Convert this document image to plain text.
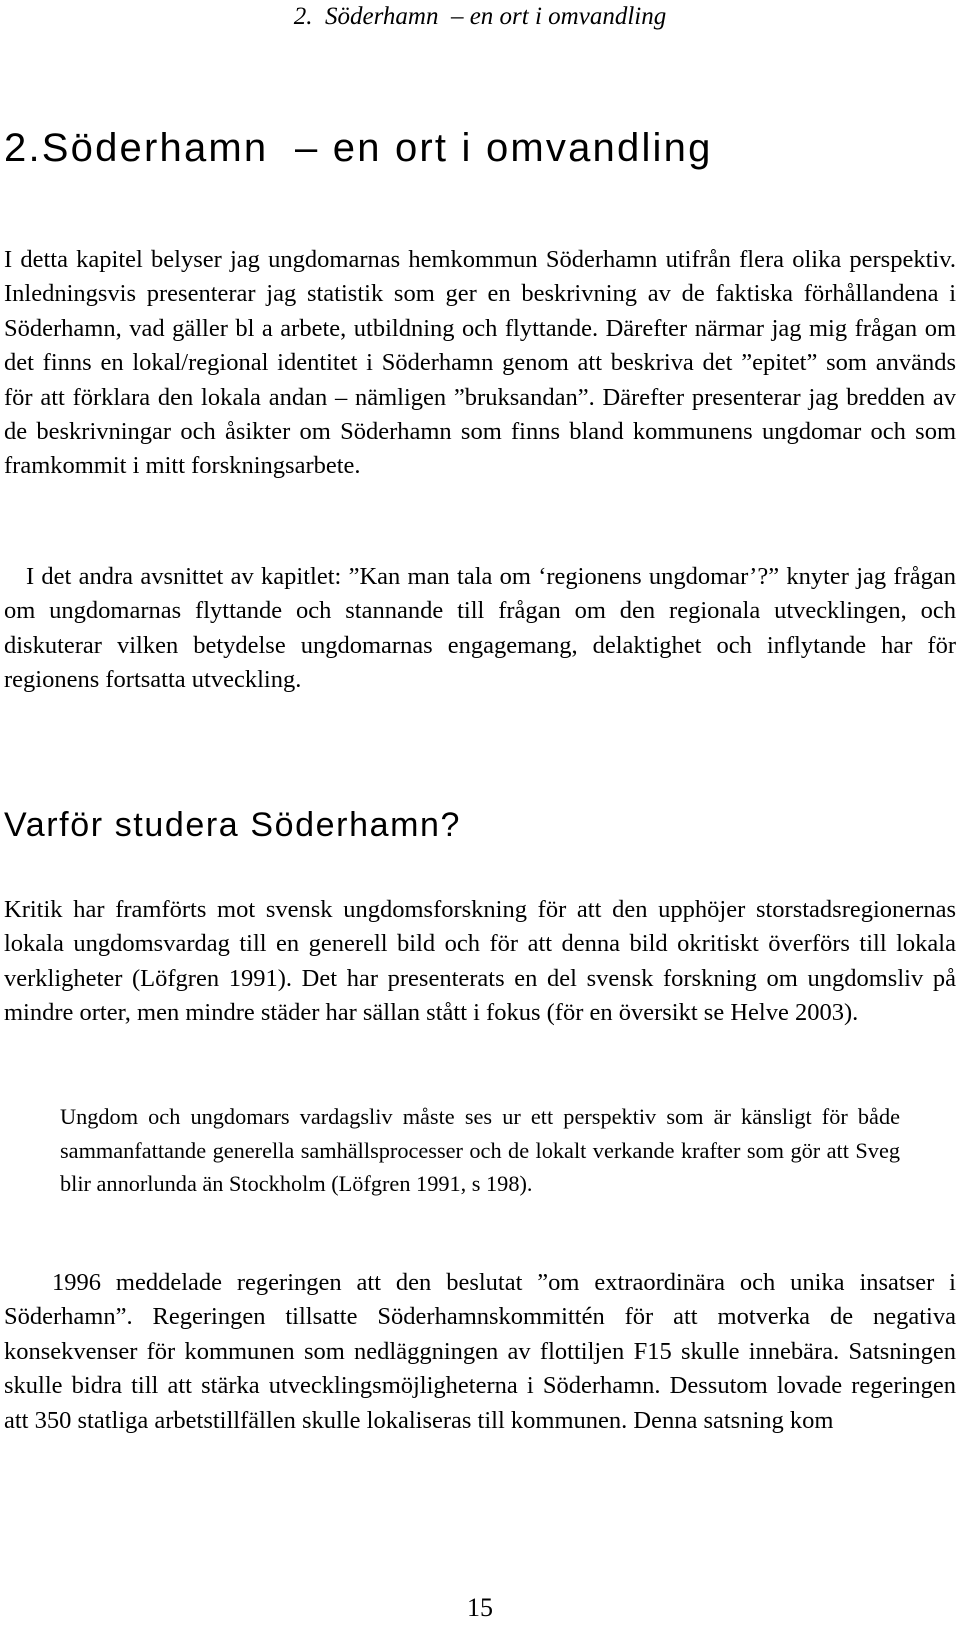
2.  Söderhamn  – en ort i omvandling
2.Söderhamn  – en ort i omvandling

I detta kapitel belyser jag ungdomarnas hemkommun Söderhamn utifrån flera olika perspektiv. Inledningsvis presenterar jag statistik som ger en beskrivning av de faktiska förhållandena i Söderhamn, vad gäller bl a arbete, utbildning och flyttande. Därefter närmar jag mig frågan om det finns en lokal/regional identitet i Söderhamn genom att beskriva det ”epitet” som används för att förklara den lokala andan – nämligen ”bruksandan”. Därefter presenterar jag bredden av de beskrivningar och åsikter om Söderhamn som finns bland kommunens ungdomar och som framkommit i mitt forskningsarbete.

I det andra avsnittet av kapitlet: ”Kan man tala om ‘regionens ungdomar’?” knyter jag frågan om ungdomarnas flyttande och stannande till frågan om den regionala utvecklingen, och diskuterar vilken betydelse ungdomarnas engagemang, delaktighet och inflytande har för regionens fortsatta utveckling.

Varför studera Söderhamn?

Kritik har framförts mot svensk ungdomsforskning för att den upphöjer storstadsregionernas lokala ungdomsvardag till en generell bild och för att denna bild okritiskt överförs till lokala verkligheter (Löfgren 1991). Det har presenterats en del svensk forskning om ungdomsliv på mindre orter, men mindre städer har sällan stått i fokus (för en översikt se Helve 2003).

Ungdom och ungdomars vardagsliv måste ses ur ett perspektiv som är känsligt för både sammanfattande generella samhällsprocesser och de lokalt verkande krafter som gör att Sveg blir annorlunda än Stockholm (Löfgren 1991, s 198).

1996 meddelade regeringen att den beslutat ”om extraordinära och unika insatser i Söderhamn”. Regeringen tillsatte Söderhamnskommittén för att motverka de negativa konsekvenser för kommunen som nedläggningen av flottiljen F15 skulle innebära. Satsningen skulle bidra till att stärka utvecklingsmöjligheterna i Söderhamn. Dessutom lovade regeringen att 350 statliga arbetstillfällen skulle lokaliseras till kommunen. Denna satsning kom

15
